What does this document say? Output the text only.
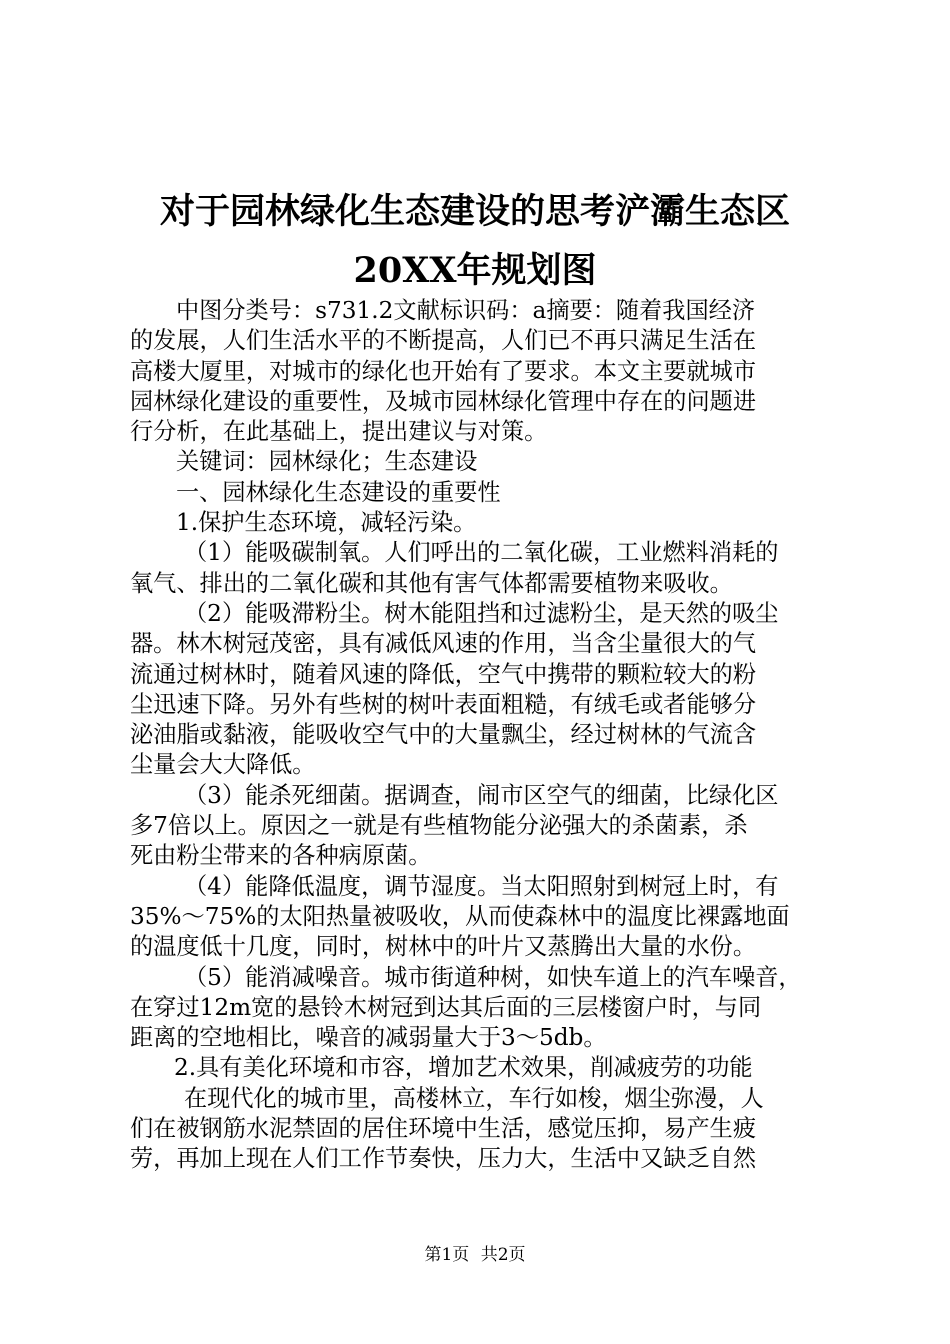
对于园林绿化生态建设的思考浐灞生态区
20XX年规划图
中图分类号：s731.2文献标识码：a摘要：随着我国经济
的发展，人们生活水平的不断提高，人们已不再只满足生活在
高楼大厦里，对城市的绿化也开始有了要求。本文主要就城市
园林绿化建设的重要性，及城市园林绿化管理中存在的问题进
行分析，在此基础上，提出建议与对策。
关键词：园林绿化；生态建设
一、园林绿化生态建设的重要性
1.保护生态环境，减轻污染。
（1）能吸碳制氧。人们呼出的二氧化碳，工业燃料消耗的
氧气、排出的二氧化碳和其他有害气体都需要植物来吸收。
（2）能吸滞粉尘。树木能阻挡和过滤粉尘，是天然的吸尘
器。林木树冠茂密，具有减低风速的作用，当含尘量很大的气
流通过树林时，随着风速的降低，空气中携带的颗粒较大的粉
尘迅速下降。另外有些树的树叶表面粗糙，有绒毛或者能够分
泌油脂或黏液，能吸收空气中的大量飘尘，经过树林的气流含
尘量会大大降低。
（3）能杀死细菌。据调查，闹市区空气的细菌，比绿化区
多7倍以上。原因之一就是有些植物能分泌强大的杀菌素，杀
死由粉尘带来的各种病原菌。
（4）能降低温度，调节湿度。当太阳照射到树冠上时，有
35%～75%的太阳热量被吸收，从而使森林中的温度比裸露地面
的温度低十几度，同时，树林中的叶片又蒸腾出大量的水份。
（5）能消减噪音。城市街道种树，如快车道上的汽车噪音，
在穿过12m宽的悬铃木树冠到达其后面的三层楼窗户时，与同
距离的空地相比，噪音的减弱量大于3～5db。
2.具有美化环境和市容，增加艺术效果，削减疲劳的功能
在现代化的城市里，高楼林立，车行如梭，烟尘弥漫，人
们在被钢筋水泥禁固的居住环境中生活，感觉压抑，易产生疲
劳，再加上现在人们工作节奏快，压力大，生活中又缺乏自然
第1页 共2页
